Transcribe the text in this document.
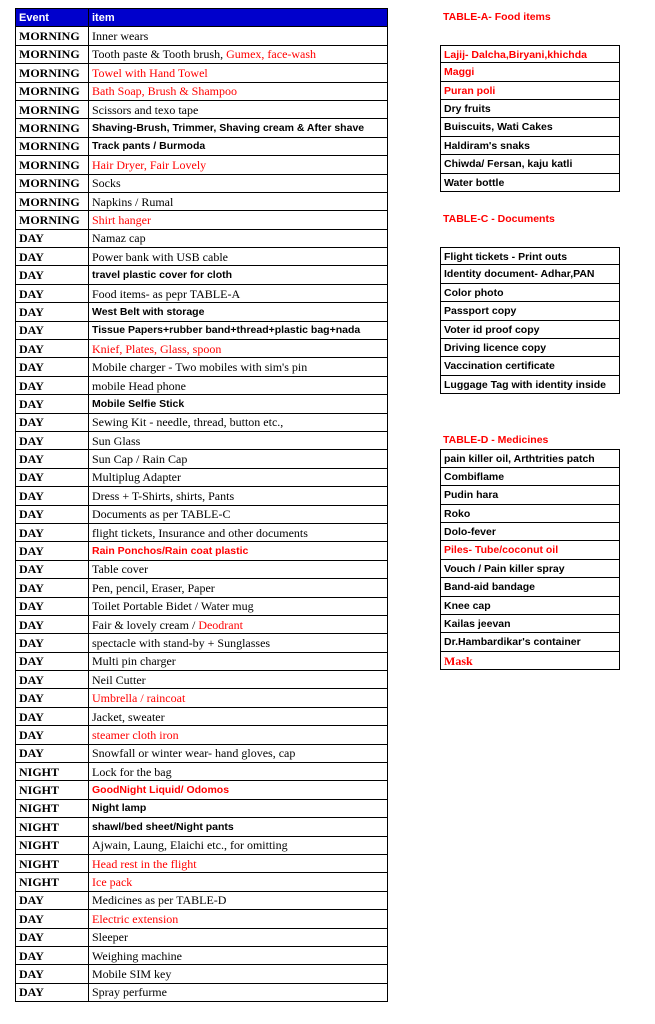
Event	item
MORNING	Inner wears
MORNING	Tooth paste & Tooth brush, Gumex, face-wash
MORNING	Towel with Hand Towel
MORNING	Bath Soap, Brush & Shampoo
MORNING	Scissors and texo tape
MORNING	Shaving-Brush, Trimmer, Shaving cream & After shave
MORNING	Track pants / Burmoda
MORNING	Hair Dryer, Fair Lovely
MORNING	Socks
MORNING	Napkins / Rumal
MORNING	Shirt hanger
DAY	Namaz cap
DAY	Power bank with USB cable
DAY	travel plastic cover for cloth
DAY	Food items- as pepr TABLE-A
DAY	West Belt with storage
DAY	Tissue Papers+rubber band+thread+plastic bag+nada
DAY	Knief, Plates, Glass, spoon
DAY	Mobile charger - Two mobiles with sim's pin
DAY	mobile Head phone
DAY	Mobile Selfie Stick
DAY	Sewing Kit - needle, thread, button etc.,
DAY	Sun Glass
DAY	Sun Cap / Rain Cap
DAY	Multiplug Adapter
DAY	Dress + T-Shirts, shirts, Pants
DAY	Documents as per TABLE-C
DAY	flight tickets, Insurance and other documents
DAY	Rain Ponchos/Rain coat plastic
DAY	Table cover
DAY	Pen, pencil, Eraser, Paper
DAY	Toilet Portable Bidet / Water mug
DAY	Fair & lovely cream / Deodrant
DAY	spectacle with stand-by + Sunglasses
DAY	Multi pin charger
DAY	Neil Cutter
DAY	Umbrella / raincoat
DAY	Jacket, sweater
DAY	steamer cloth iron
DAY	Snowfall or winter wear- hand gloves, cap
NIGHT	Lock for the bag
NIGHT	GoodNight Liquid/ Odomos
NIGHT	Night lamp
NIGHT	shawl/bed sheet/Night pants
NIGHT	Ajwain, Laung, Elaichi etc., for omitting
NIGHT	Head rest in the flight
NIGHT	Ice pack
DAY	Medicines as per TABLE-D
DAY	Electric extension
DAY	Sleeper
DAY	Weighing machine
DAY	Mobile SIM key
DAY	Spray perfurme
TABLE-A- Food items
Lajij- Dalcha,Biryani,khichda
Maggi
Puran poli
Dry fruits
Buiscuits, Wati Cakes
Haldiram's snaks
Chiwda/ Fersan, kaju katli
Water bottle
TABLE-C - Documents
Flight tickets - Print outs
Identity document- Adhar,PAN
Color photo
Passport copy
Voter id proof copy
Driving licence copy
Vaccination certificate
Luggage Tag with identity inside
TABLE-D - Medicines
pain killer oil, Arthtrities patch
Combiflame
Pudin hara
Roko
Dolo-fever
Piles- Tube/coconut oil
Vouch / Pain killer spray
Band-aid bandage
Knee cap
Kailas jeevan
Dr.Hambardikar's container
Mask
